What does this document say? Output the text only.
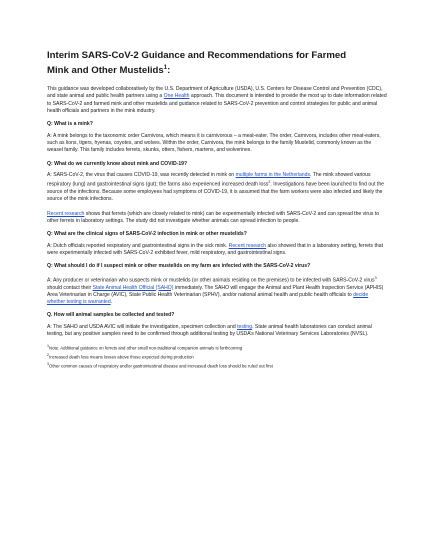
Interim SARS-CoV-2 Guidance and Recommendations for Farmed
Mink and Other Mustelids$^1$:

This guidance was developed collaboratively by the U.S. Department of Agriculture (USDA), U.S. Centers for Disease Control and Prevention (CDC), and state animal and public health partners using a One Health approach. This document is intended to provide the most up to date information related to SARS-CoV-2 and farmed mink and other mustelids and guidance related to SARS-CoV-2 prevention and control strategies for public and animal health officials and partners in the mink industry.

Q: What is a mink?

A: A mink belongs to the taxonomic order Carnivora, which means it is carnivorous – a meat-eater. The order, Carnivora, includes other meat-eaters, such as lions, tigers, hyenas, coyotes, and wolves. Within the order, Carnivora, the mink belongs to the family Mustelid, commonly known as the weasel family. This family includes ferrets, skunks, otters, fishers, martens, and wolverines.

Q: What do we currently know about mink and COVID-19?

A: SARS-CoV-2, the virus that causes COVID-19, was recently detected in mink on multiple farms in the Netherlands. The mink showed various respiratory (lung) and gastrointestinal signs (gut); the farms also experienced increased death loss$^2$. Investigations have been launched to find out the source of the infections. Because some employees had symptoms of COVID-19, it is assumed that the farm workers were also infected and likely the source of the mink infections.

Recent research shows that ferrets (which are closely related to mink) can be experimentally infected with SARS-CoV-2 and can spread the virus to other ferrets in laboratory settings. The study did not investigate whether animals can spread infection to people.

Q: What are the clinical signs of SARS-CoV-2 infection in mink or other mustelids?

A: Dutch officials reported respiratory and gastrointestinal signs in the sick mink. Recent research also showed that in a laboratory setting, ferrets that were experimentally infected with SARS-CoV-2 exhibited fever, mild respiratory, and gastrointestinal signs.

Q: What should I do if I suspect mink or other mustelids on my farm are infected with the SARS-CoV-2 virus?

A: Any producer or veterinarian who suspects mink or mustelids (or other animals residing on the premises) to be infected with SARS-CoV-2 virus$^3$ should contact their State Animal Health Official (SAHO) immediately. The SAHO will engage the Animal and Plant Health Inspection Service (APHIS) Area Veterinarian in Charge (AVIC), State Public Health Veterinarian (SPHV), and/or national animal health and public health officials to decide whether testing is warranted.

Q. How will animal samples be collected and tested?

A: The SAHO and USDA AVIC will initiate the investigation, specimen collection and testing. State animal health laboratories can conduct animal testing, but any positive samples need to be confirmed through additional testing by USDA’s National Veterinary Services Laboratories (NVSL).

$^1$Note: Additional guidance on ferrets and other small non-traditional companion animals is forthcoming

$^2$Increased death loss means losses above those expected during production

$^3$Other common causes of respiratory and/or gastrointestinal disease and increased death loss should be ruled out first
